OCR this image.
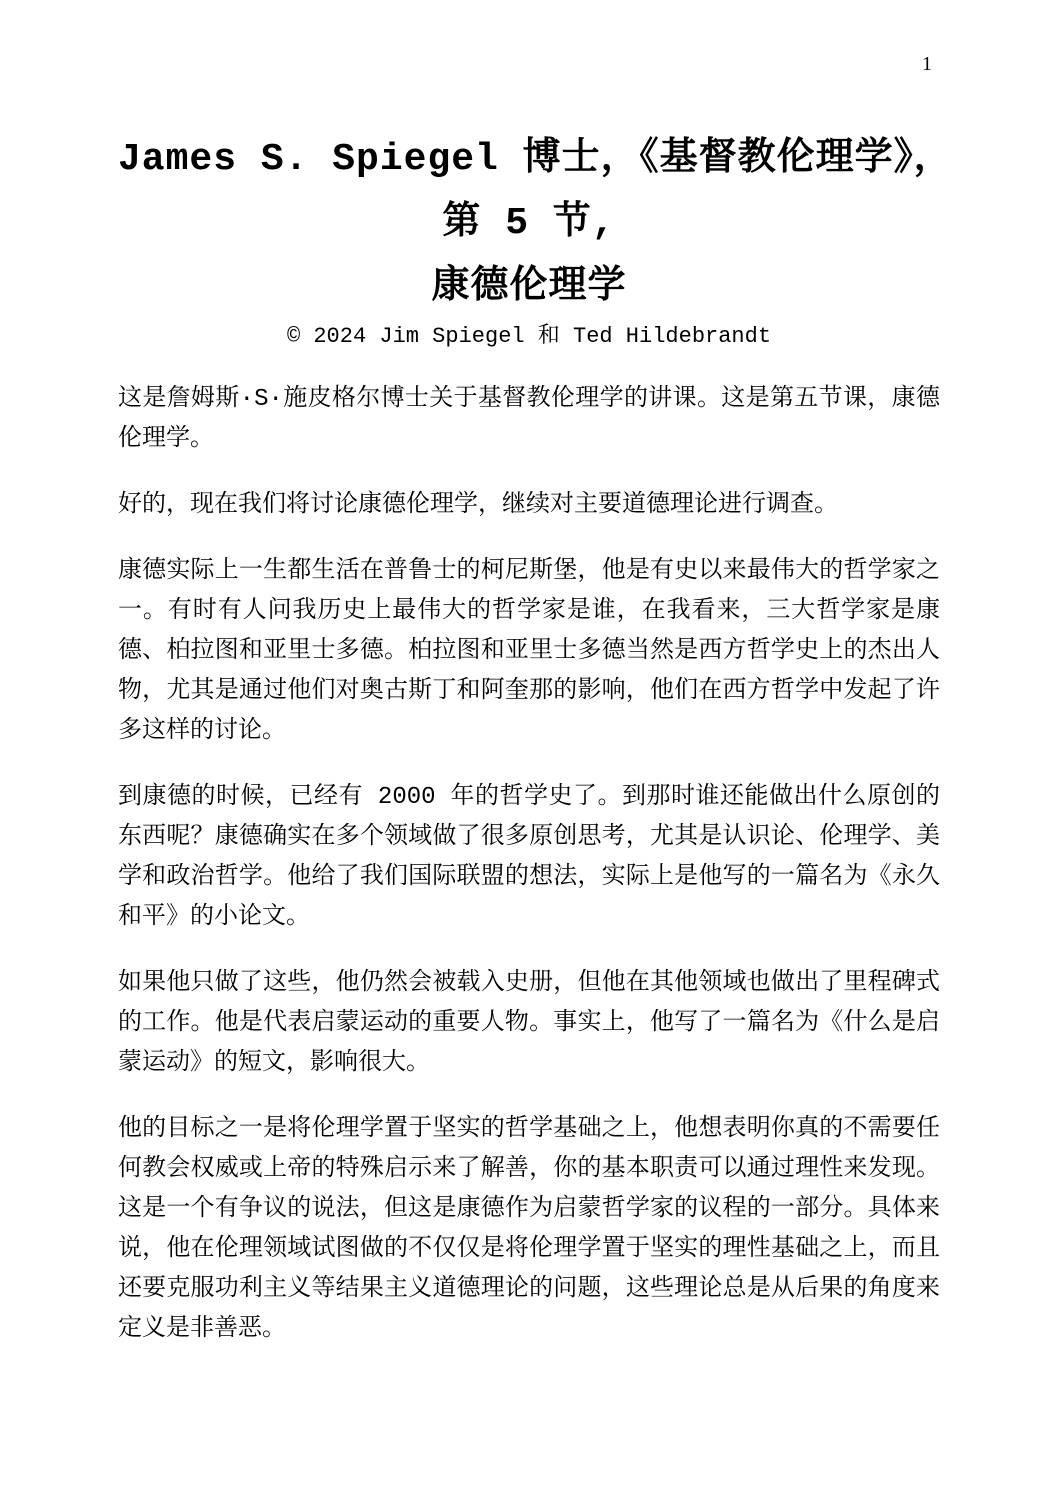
1
James S. Spiegel 博士，《基督教伦理学》，
第 5 节,
康德伦理学
© 2024 Jim Spiegel 和 Ted Hildebrandt

这是詹姆斯·S·施皮格尔博士关于基督教伦理学的讲课。这是第五节课，康德伦理学。

好的，现在我们将讨论康德伦理学，继续对主要道德理论进行调查。

康德实际上一生都生活在普鲁士的柯尼斯堡，他是有史以来最伟大的哲学家之一。有时有人问我历史上最伟大的哲学家是谁，在我看来，三大哲学家是康德、柏拉图和亚里士多德。柏拉图和亚里士多德当然是西方哲学史上的杰出人物，尤其是通过他们对奥古斯丁和阿奎那的影响，他们在西方哲学中发起了许多这样的讨论。

到康德的时候，已经有 2000 年的哲学史了。到那时谁还能做出什么原创的东西呢？康德确实在多个领域做了很多原创思考，尤其是认识论、伦理学、美学和政治哲学。他给了我们国际联盟的想法，实际上是他写的一篇名为《永久和平》的小论文。

如果他只做了这些，他仍然会被载入史册，但他在其他领域也做出了里程碑式的工作。他是代表启蒙运动的重要人物。事实上，他写了一篇名为《什么是启蒙运动》的短文，影响很大。

他的目标之一是将伦理学置于坚实的哲学基础之上，他想表明你真的不需要任何教会权威或上帝的特殊启示来了解善，你的基本职责可以通过理性来发现。这是一个有争议的说法，但这是康德作为启蒙哲学家的议程的一部分。具体来说，他在伦理领域试图做的不仅仅是将伦理学置于坚实的理性基础之上，而且还要克服功利主义等结果主义道德理论的问题，这些理论总是从后果的角度来定义是非善恶。
